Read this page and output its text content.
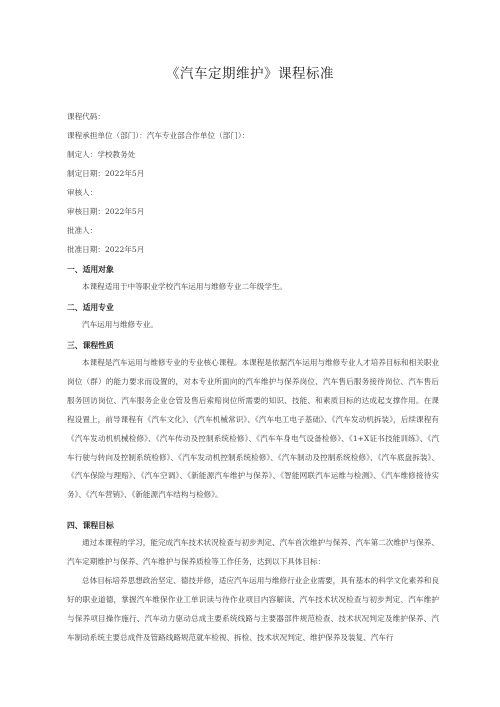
《汽车定期维护》课程标准
课程代码：
课程承担单位（部门）：汽车专业部合作单位（部门）：
制定人：学校教务处
制定日期：2022年5月
审核人：
审核日期：2022年5月
批准人：
批准日期：2022年5月
一、适用对象

本课程适用于中等职业学校汽车运用与维修专业二年级学生。

二、适用专业

汽车运用与维修专业。

三、课程性质

本课程是汽车运用与维修专业的专业核心课程。本课程是依据汽车运用与维修专业人才培养目标和相关职业岗位（群）的能力要求而设置的，对本专业所面向的汽车维护与保养岗位、汽车售后服务接待岗位、汽车售后服务回访岗位、汽车服务企业仓管及售后索赔岗位所需要的知识、技能、和素质目标的达成起支撑作用。在课程设置上，前导课程有《汽车文化》、《汽车机械常识》、《汽车电工电子基础》、《汽车发动机拆装》，后续课程有《汽车发动机机械检修》、《汽车传动及控制系统检修》、《汽车车身电气设备检修》、《1+X证书技能训练》、《汽车行驶与转向及控制系统检修》、《汽车发动机控制系统检修》、《汽车制动及控制系统检修》、《汽车底盘拆装》、《汽车保险与理赔》、《汽车空调》、《新能源汽车维护与保养》、《智能网联汽车运维与检测》、《汽车维修接待实务》、《汽车营销》、《新能源汽车结构与检修》。

四、课程目标

通过本课程的学习，能完成汽车技术状况检查与初步判定、汽车首次维护与保养、汽车第二次维护与保养、汽车定期维护与保养、汽车维护与保养质检等工作任务，达到以下具体目标：

总体目标培养思想政治坚定、德技并修，适应汽车运用与维修行业企业需要，具有基本的科学文化素养和良好的职业道德，掌握汽车维保作业工单识读与待作业项目内容解读、汽车技术状况检查与初步判定、汽车维护与保养项目操作施行、汽车动力驱动总成主要系统线路与主要器部件规范检查、技术状况判定及维护保养、汽车制动系统主要总成件及管路线路规范就车检视、拆检、技术状况判定、维护保养及装复、汽车行
